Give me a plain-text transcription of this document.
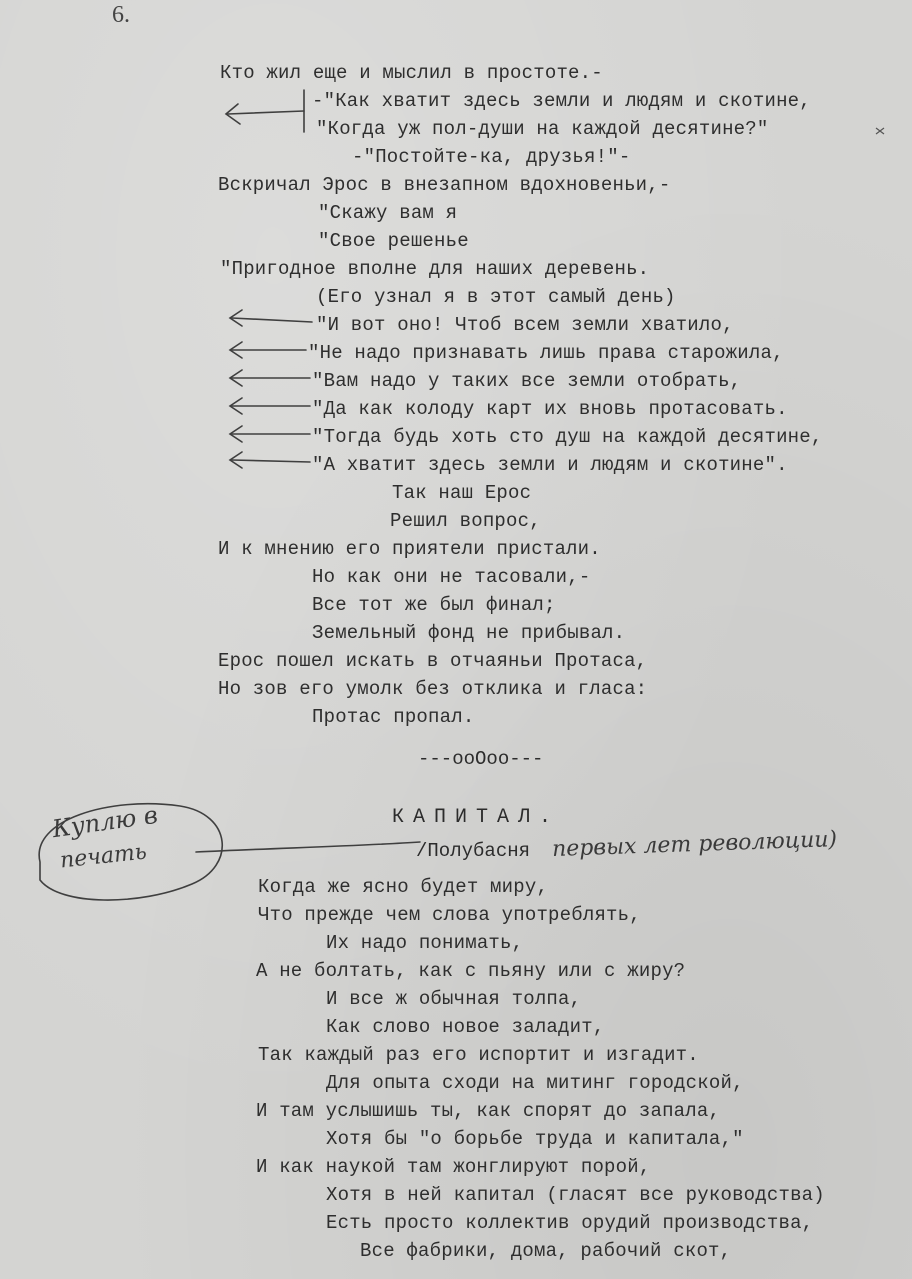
6.
Кто жил еще и мыслил в простоте.-
-"Как хватит здесь земли и людям и скотине,
"Когда уж пол-души на каждой десятине?"
-"Постойте-ка, друзья!"-
Вскричал Эрос в внезапном вдохновеньи,-
"Скажу вам я
"Свое решенье
"Пригодное вполне для наших деревень.
(Его узнал я в этот самый день)
"И вот оно! Чтоб всем земли хватило,
"Не надо признавать лишь права старожила,
"Вам надо у таких все земли отобрать,
"Да как колоду карт их вновь протасовать.
"Тогда будь хоть сто душ на каждой десятине,
"А хватит здесь земли и людям и скотине".
Так наш Ерос
Решил вопрос,
И к мнению его приятели пристали.
Но как они не тасовали,-
Все тот же был финал;
Земельный фонд не прибывал.
Ерос пошел искать в отчаяньи Протаса,
Но зов его умолк без отклика и гласа:
Протас пропал.
---ooOoo---
КАПИТАЛ.
/Полубасня первых лет революции)
Куплю в
печать
Когда же ясно будет миру,
Что прежде чем слова употреблять,
Их надо понимать,
А не болтать, как с пьяну или с жиру?
И все ж обычная толпа,
Как слово новое заладит,
Так каждый раз его испортит и изгадит.
Для опыта сходи на митинг городской,
И там услышишь ты, как спорят до запала,
Хотя бы "о борьбе труда и капитала,"
И как наукой там жонглируют порой,
Хотя в ней капитал (гласят все руководства)
Есть просто коллектив орудий производства,
Все фабрики, дома, рабочий скот,
